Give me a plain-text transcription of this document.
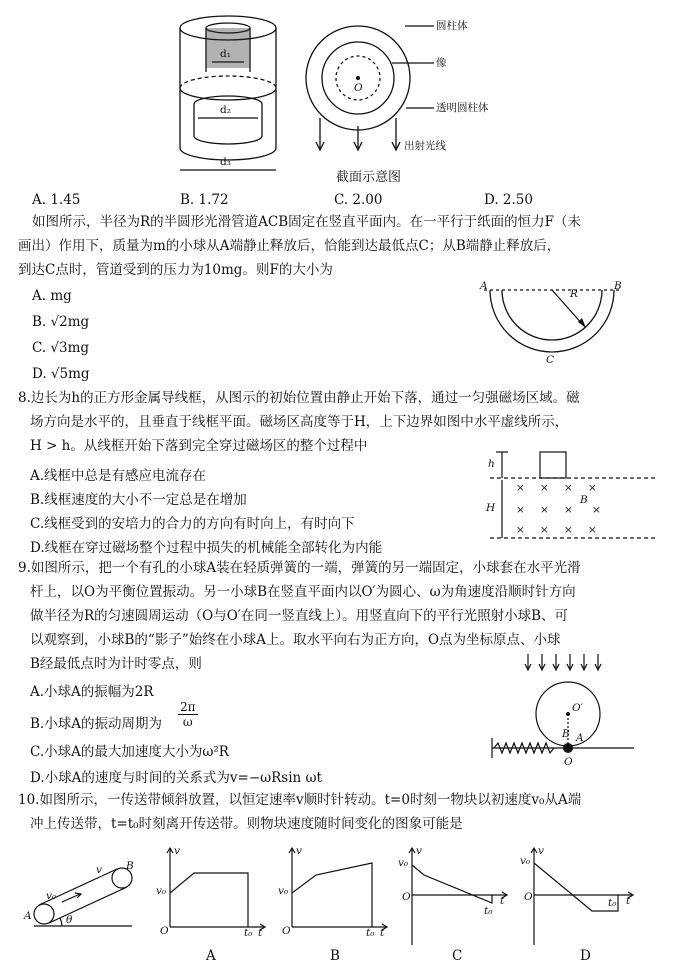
d₁
d₂
d₃
圆柱体
像
透明圆柱体
出射光线
O
截面示意图
A. 1.45	B. 1.72	C. 2.00	D. 2.50
如图所示，半径为R的半圆形光滑管道ACB固定在竖直平面内。在一平行于纸面的恒力F（未
画出）作用下，质量为m的小球从A端静止释放后，恰能到达最低点C；从B端静止释放后，
到达C点时，管道受到的压力为10mg。则F的大小为
A. mg
B. √2mg
C. √3mg
D. √5mg
A	B
C
R
8.边长为h的正方形金属导线框，从图示的初始位置由静止开始下落，通过一匀强磁场区域。磁
场方向是水平的，且垂直于线框平面。磁场区高度等于H，上下边界如图中水平虚线所示，
H > h。从线框开始下落到完全穿过磁场区的整个过程中
A.线框中总是有感应电流存在
B.线框速度的大小不一定总是在增加
C.线框受到的安培力的合力的方向有时向上，有时向下
D.线框在穿过磁场整个过程中损失的机械能全部转化为内能
h
H
B
× × × ×
× × × ×
× × × ×
9.如图所示，把一个有孔的小球A装在轻质弹簧的一端，弹簧的另一端固定，小球套在水平光滑
杆上，以O为平衡位置振动。另一小球B在竖直平面内以O′为圆心、ω为角速度沿顺时针方向
做半径为R的匀速圆周运动（O与O′在同一竖直线上）。用竖直向下的平行光照射小球B、可
以观察到，小球B的“影子”始终在小球A上。取水平向右为正方向，O点为坐标原点、小球
B经最低点时为计时零点，则
A.小球A的振幅为2R
B.小球A的振动周期为 $\frac{2\pi}{\omega}$
C.小球A的最大加速度大小为ω²R
D.小球A的速度与时间的关系式为v=−ωRsin ωt
O′
B A
O
10.如图所示，一传送带倾斜放置，以恒定速率v顺时针转动。t=0时刻一物块以初速度v₀从A端
冲上传送带，t=t₀时刻离开传送带。则物块速度随时间变化的图象可能是
A
B
v₀
v
θ
v
v₀
O	t₀ t
A
v
v₀
O	t₀ t
B
v
v₀
O
t₀
t
C
v
v₀
O	t₀ t
D
